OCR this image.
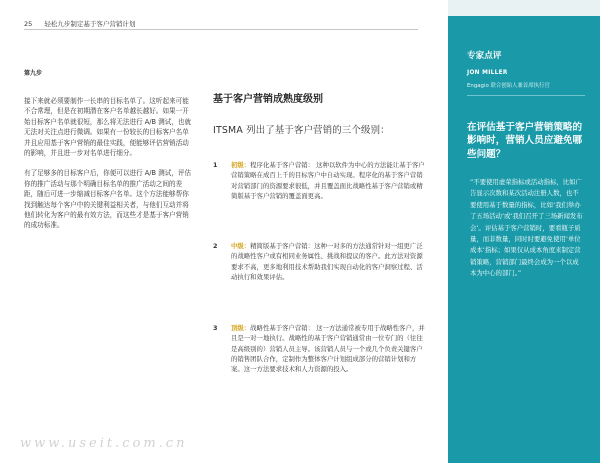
25 轻松九步制定基于客户营销计划
第九步

接下来就必须要制作一长串的目标名单了。这听起来可能不合常理，但是在初期潜在客户名单越长越好。如果一开始目标客户名单就很短，那么将无法进行 A/B 测试，也就无法对关注点进行微调。如果有一份较长的目标客户名单并且应用基于客户营销的最佳实践，便能够评估营销活动的影响，并且进一步对名单进行细分。

有了足够多的目标客户后，你便可以进行 A/B 测试，评估你的推广活动与那个明确目标名单的推广活动之间的差距，随后可进一步缩减目标客户名单。这个方法能够帮你找到触达每个客户中的关键利益相关者，与他们互动并将他们转化为客户的最有效方法，而这些才是基于客户营销的成功标准。

基于客户营销成熟度级别
ITSMA 列出了基于客户营销的三个级别：
1 初级：程序化基于客户营销： 这种以软件为中心的方法能让基于客户营销策略在成百上千的目标客户中自动实现。程序化的基于客户营销对营销部门的资源要求很低，并且覆盖面比战略性基于客户营销或精简版基于客户营销的覆盖面更高。
2 中级：精简版基于客户营销：这种一对多的方法通常针对一组更广泛的战略性客户或有相同业务属性、挑战和提议的客户。此方法对资源要求不高，更多地利用技术帮助我们实现自动化的客户洞察过程、活动执行和效果评估。
3 顶级：战略性基于客户营销： 这一方法通常被专用于战略性客户，并且是一对一地执行。战略性的基于客户营销通常由一位专门的（往往是高级别的）营销人员主导。该营销人员与一个或几个负责关键客户的销售团队合作，定制作为整体客户计划组成部分的营销计划和方案。这一方法要求技术和人力资源的投入。
专家点评
JON MILLER
Engagio 联合创始人兼首席执行官
在评估基于客户营销策略的影响时，营销人员应避免哪些问题？
“不要使用虚荣指标或活动指标，比如广告显示次数和某次活动注册人数，也不要使用基于数量的指标，比如‘我们举办了五场活动’或‘我们召开了三场新闻发布会’。评估基于客户营销时，要看瓶子质量，而非数量，同时时要避免使用‘单位成本’指标；如果仅从成本角度来制定营销策略，营销部门最终会成为一个以成本为中心的部门。”
www.useit.com.cn
